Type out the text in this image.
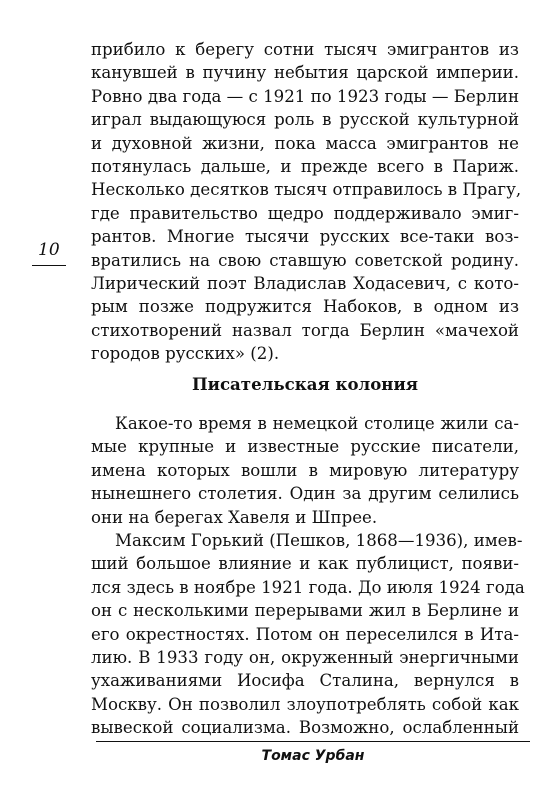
10
прибило к берегу сотни тысяч эмигрантов из
канувшей в пучину небытия царской империи.
Ровно два года — с 1921 по 1923 годы — Берлин
играл выдающуюся роль в русской культурной
и духовной жизни, пока масса эмигрантов не
потянулась дальше, и прежде всего в Париж.
Несколько десятков тысяч отправилось в Прагу,
где правительство щедро поддерживало эмиг-
рантов. Многие тысячи русских все-таки воз-
вратились на свою ставшую советской родину.
Лирический поэт Владислав Ходасевич, с кото-
рым позже подружится Набоков, в одном из
стихотворений назвал тогда Берлин «мачехой
городов русских» (2).
Писательская колония
Какое-то время в немецкой столице жили са-
мые крупные и известные русские писатели,
имена которых вошли в мировую литературу
нынешнего столетия. Один за другим селились
они на берегах Хавеля и Шпрее.
Максим Горький (Пешков, 1868—1936), имев-
ший большое влияние и как публицист, появи-
лся здесь в ноябре 1921 года. До июля 1924 года
он с несколькими перерывами жил в Берлине и
его окрестностях. Потом он переселился в Ита-
лию. В 1933 году он, окруженный энергичными
ухаживаниями Иосифа Сталина, вернулся в
Москву. Он позволил злоупотреблять собой как
вывеской социализма. Возможно, ослабленный
Томас Урбан
